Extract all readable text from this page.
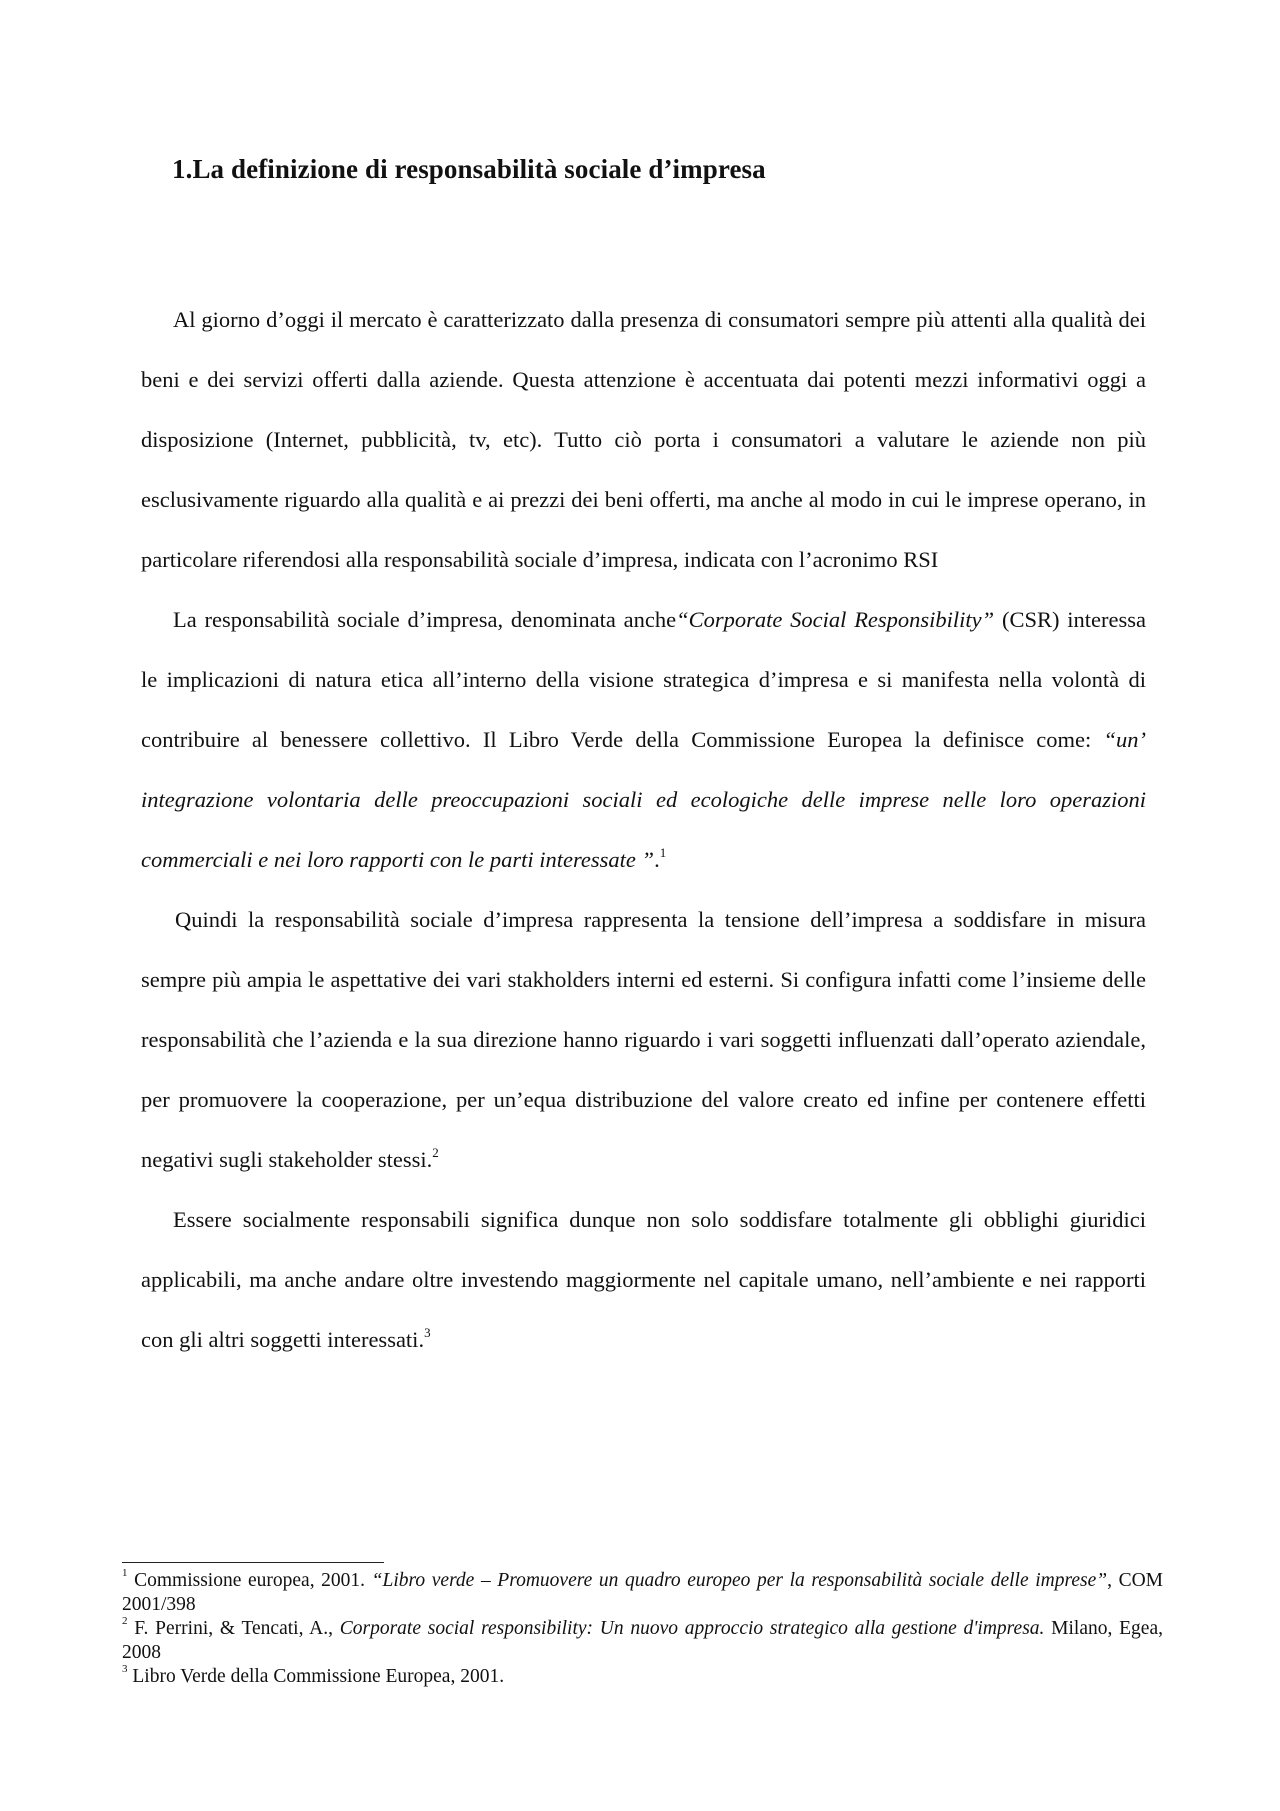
1.La definizione di responsabilità sociale d’impresa

Al giorno d’oggi il mercato è caratterizzato dalla presenza di consumatori sempre più attenti alla qualità dei beni e dei servizi offerti dalla aziende. Questa attenzione è accentuata dai potenti mezzi informativi oggi a disposizione (Internet, pubblicità, tv, etc). Tutto ciò porta i consumatori a valutare le aziende non più esclusivamente riguardo alla qualità e ai prezzi dei beni offerti, ma anche al modo in cui le imprese operano, in particolare riferendosi alla responsabilità sociale d’impresa, indicata con l’acronimo RSI

La responsabilità sociale d’impresa, denominata anche“Corporate Social Responsibility” (CSR) interessa le implicazioni di natura etica all’interno della visione strategica d’impresa e si manifesta nella volontà di contribuire al benessere collettivo. Il Libro Verde della Commissione Europea la definisce come: “un’ integrazione volontaria delle preoccupazioni sociali ed ecologiche delle imprese nelle loro operazioni commerciali e nei loro rapporti con le parti interessate ”.$^1$

Quindi la responsabilità sociale d’impresa rappresenta la tensione dell’impresa a soddisfare in misura sempre più ampia le aspettative dei vari stakholders interni ed esterni. Si configura infatti come l’insieme delle responsabilità che l’azienda e la sua direzione hanno riguardo i vari soggetti influenzati dall’operato aziendale, per promuovere la cooperazione, per un’equa distribuzione del valore creato ed infine per contenere effetti negativi sugli stakeholder stessi.$^2$

Essere socialmente responsabili significa dunque non solo soddisfare totalmente gli obblighi giuridici applicabili, ma anche andare oltre investendo maggiormente nel capitale umano, nell’ambiente e nei rapporti con gli altri soggetti interessati.$^3$

$^1$ Commissione europea, 2001. “Libro verde – Promuovere un quadro europeo per la responsabilità sociale delle imprese”, COM 2001/398

$^2$ F. Perrini, & Tencati, A., Corporate social responsibility: Un nuovo approccio strategico alla gestione d'impresa. Milano, Egea, 2008

$^3$ Libro Verde della Commissione Europea, 2001.
